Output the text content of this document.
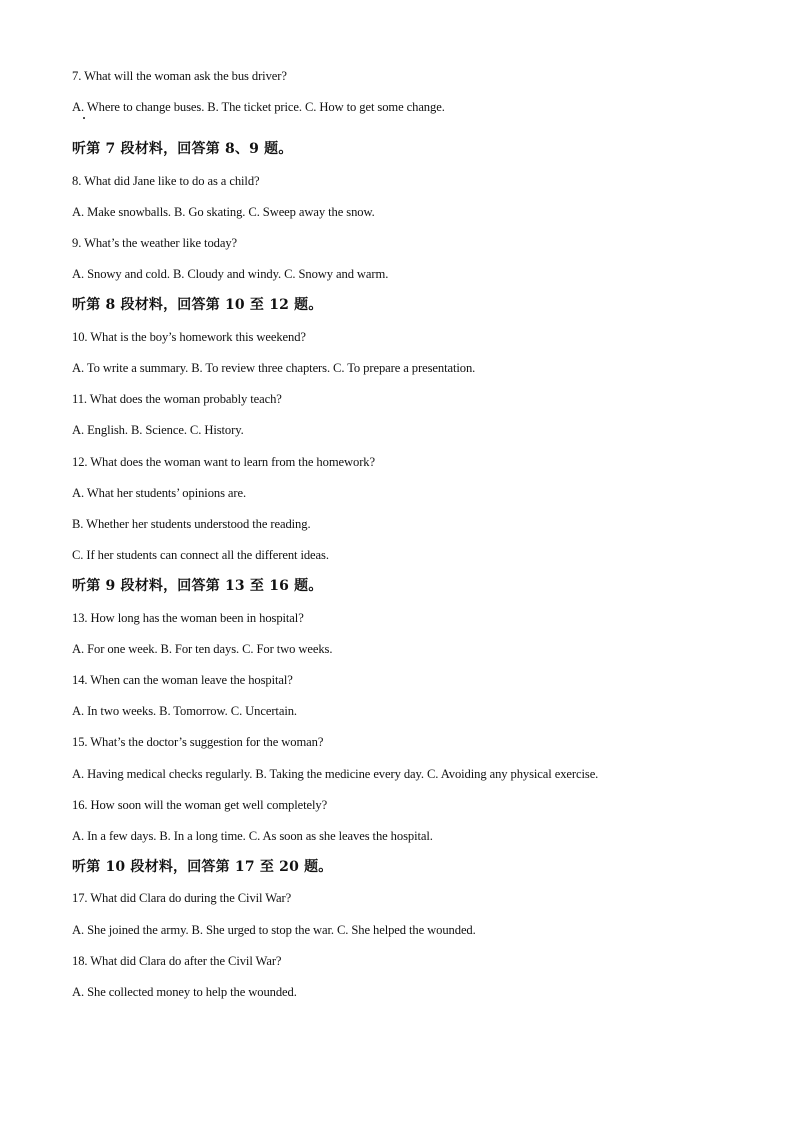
7. What will the woman ask the bus driver?
A. Where to change buses. B. The ticket price. C. How to get some change.
听第 7 段材料，回答第 8、9 题。
8. What did Jane like to do as a child?
A. Make snowballs. B. Go skating. C. Sweep away the snow.
9. What’s the weather like today?
A. Snowy and cold. B. Cloudy and windy. C. Snowy and warm.
听第 8 段材料，回答第 10 至 12 题。
10. What is the boy’s homework this weekend?
A. To write a summary. B. To review three chapters. C. To prepare a presentation.
11. What does the woman probably teach?
A. English. B. Science. C. History.
12. What does the woman want to learn from the homework?
A. What her students’ opinions are.
B. Whether her students understood the reading.
C. If her students can connect all the different ideas.
听第 9 段材料，回答第 13 至 16 题。
13. How long has the woman been in hospital?
A. For one week. B. For ten days. C. For two weeks.
14. When can the woman leave the hospital?
A. In two weeks. B. Tomorrow. C. Uncertain.
15. What’s the doctor’s suggestion for the woman?
A. Having medical checks regularly. B. Taking the medicine every day. C. Avoiding any physical exercise.
16. How soon will the woman get well completely?
A. In a few days. B. In a long time. C. As soon as she leaves the hospital.
听第 10 段材料，回答第 17 至 20 题。
17. What did Clara do during the Civil War?
A. She joined the army. B. She urged to stop the war. C. She helped the wounded.
18. What did Clara do after the Civil War?
A. She collected money to help the wounded.
